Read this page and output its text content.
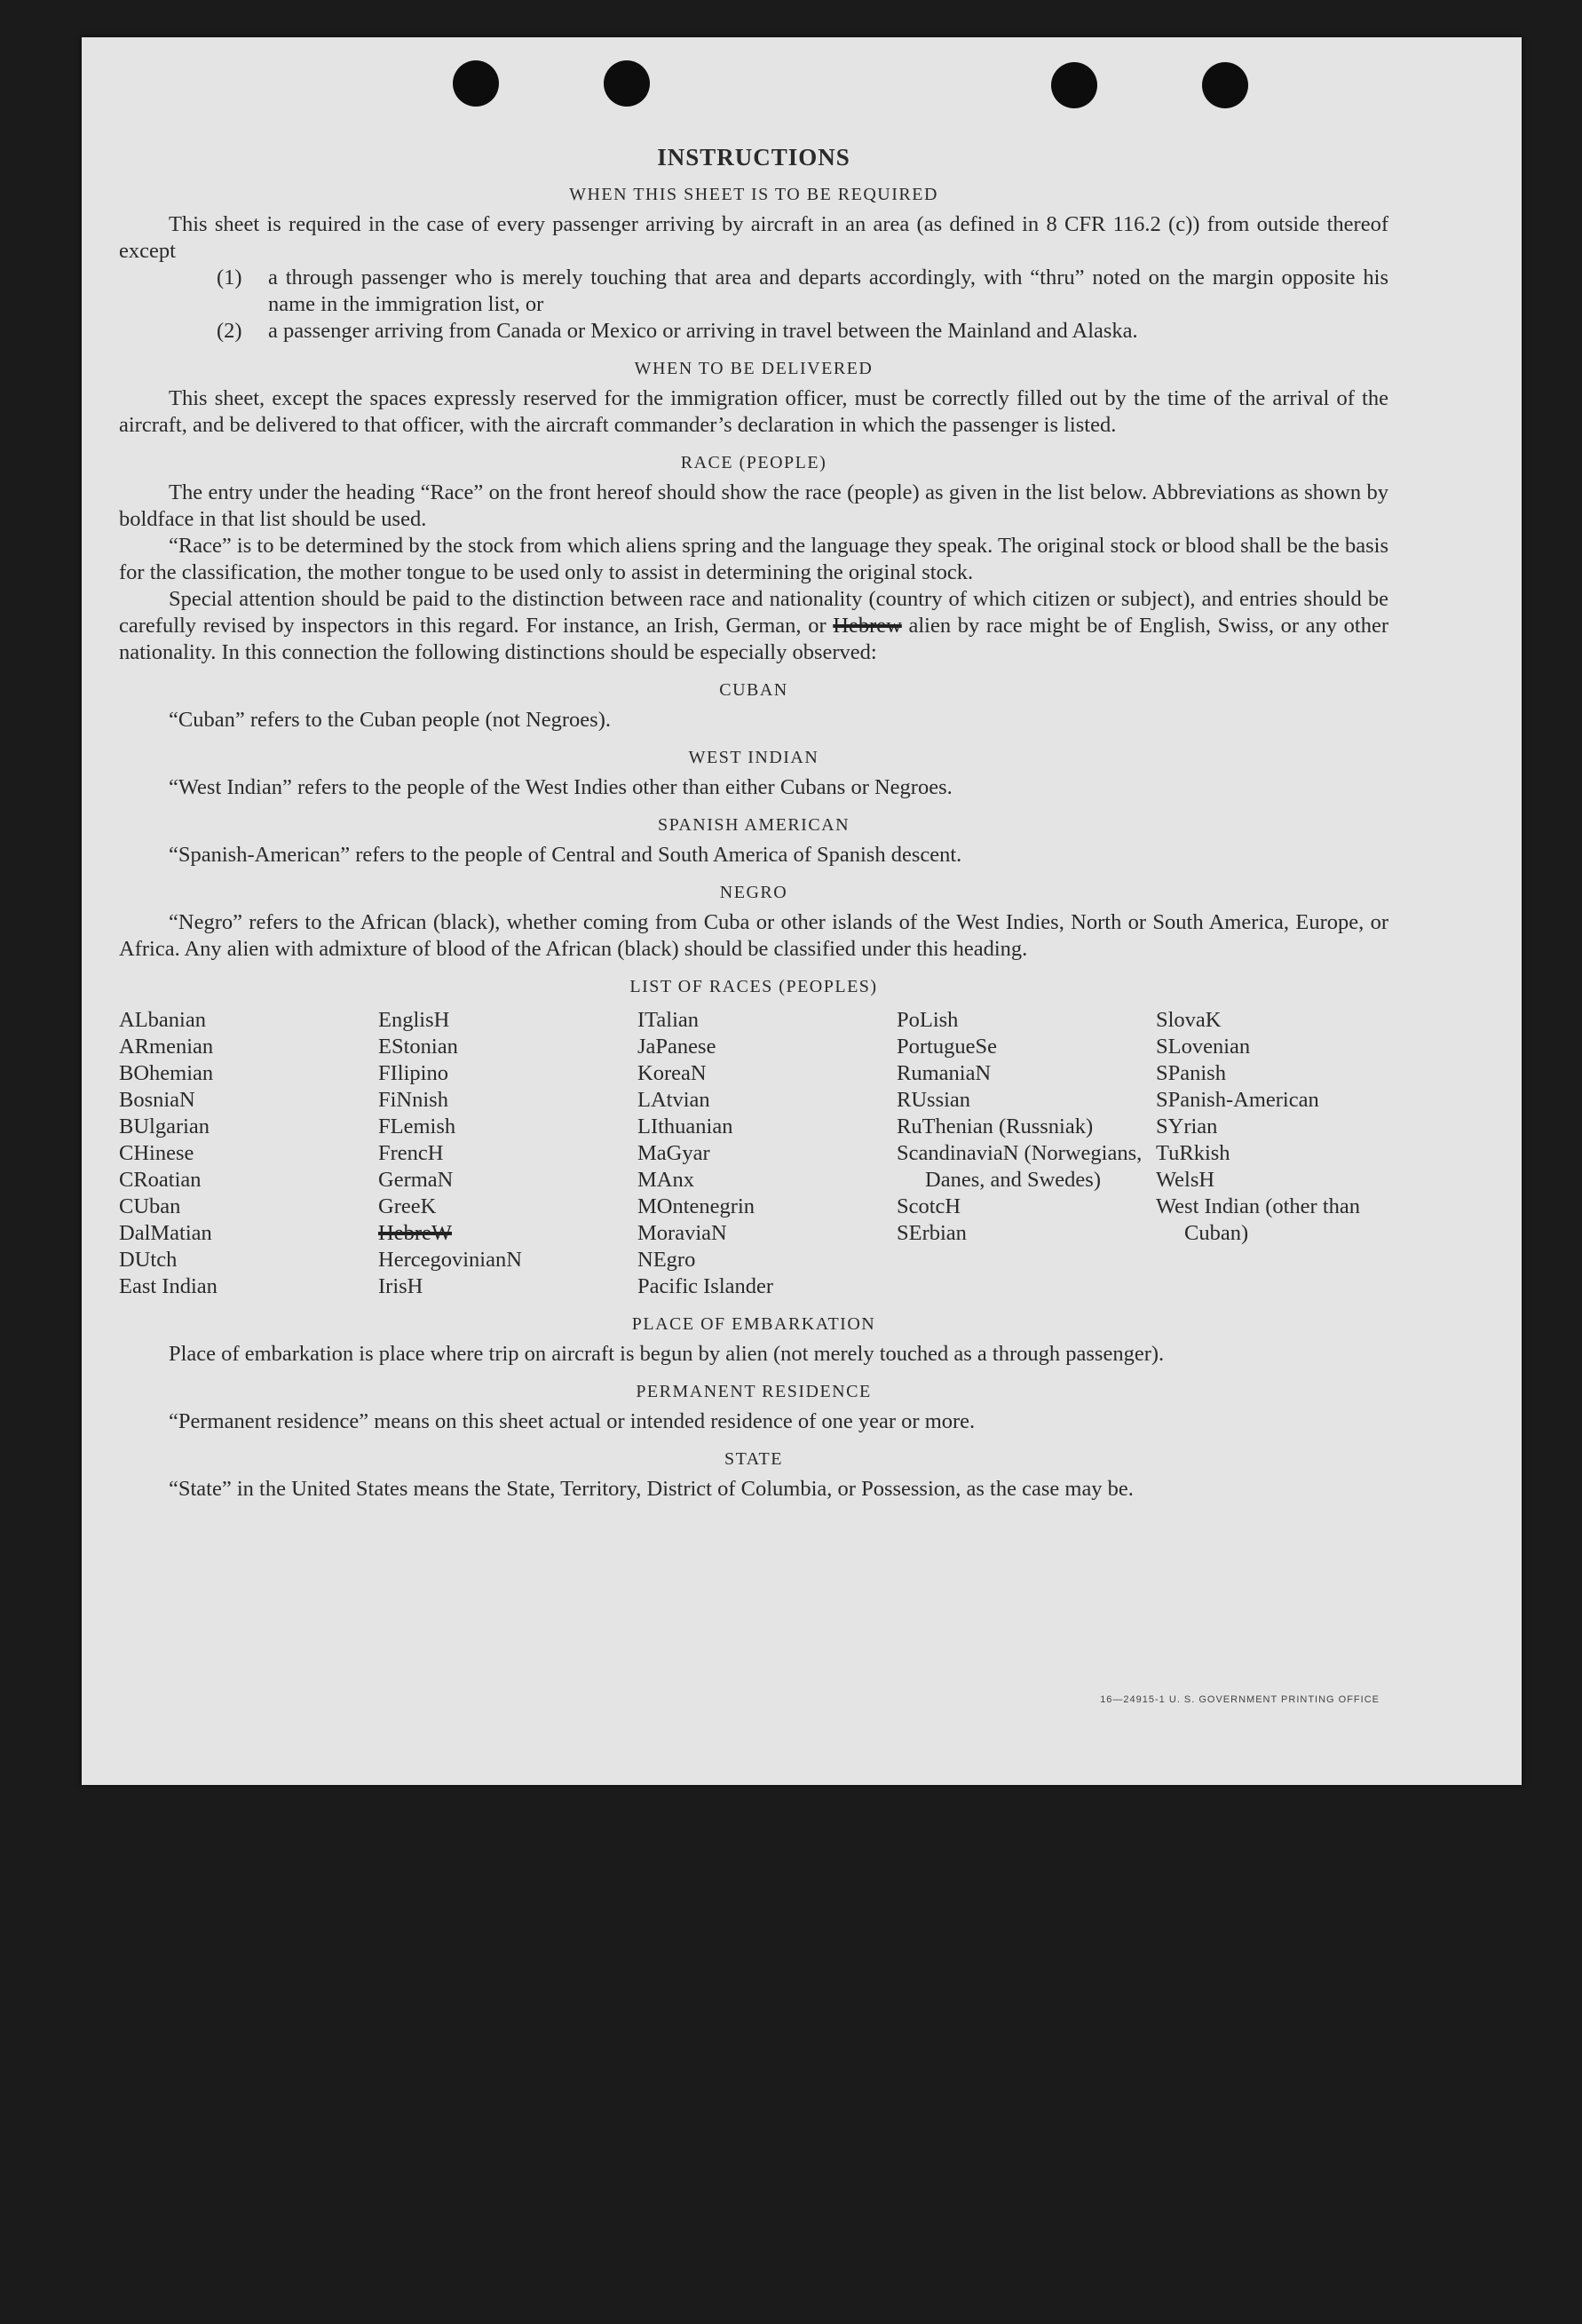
INSTRUCTIONS
WHEN THIS SHEET IS TO BE REQUIRED

This sheet is required in the case of every passenger arriving by aircraft in an area (as defined in 8 CFR 116.2 (c)) from outside thereof except

(1)	a through passenger who is merely touching that area and departs accordingly, with “thru” noted on the margin opposite his name in the immigration list, or
(2)	a passenger arriving from Canada or Mexico or arriving in travel between the Mainland and Alaska.
WHEN TO BE DELIVERED

This sheet, except the spaces expressly reserved for the immigration officer, must be correctly filled out by the time of the arrival of the aircraft, and be delivered to that officer, with the aircraft commander’s declaration in which the passenger is listed.

RACE (PEOPLE)

The entry under the heading “Race” on the front hereof should show the race (people) as given in the list below. Abbreviations as shown by boldface in that list should be used.

“Race” is to be determined by the stock from which aliens spring and the language they speak. The original stock or blood shall be the basis for the classification, the mother tongue to be used only to assist in determining the original stock.

Special attention should be paid to the distinction between race and nationality (country of which citizen or subject), and entries should be carefully revised by inspectors in this regard. For instance, an Irish, German, or Hebrew alien by race might be of English, Swiss, or any other nationality. In this connection the following distinctions should be especially observed:

CUBAN

“Cuban” refers to the Cuban people (not Negroes).

WEST INDIAN

“West Indian” refers to the people of the West Indies other than either Cubans or Negroes.

SPANISH AMERICAN

“Spanish-American” refers to the people of Central and South America of Spanish descent.

NEGRO

“Negro” refers to the African (black), whether coming from Cuba or other islands of the West Indies, North or South America, Europe, or Africa. Any alien with admixture of blood of the African (black) should be classified under this heading.

LIST OF RACES (PEOPLES)
ALbanian
ARmenian
BOhemian
BosniaN
BUlgarian
CHinese
CRoatian
CUban
DalMatian
DUtch
East Indian
EnglisH
EStonian
FIlipino
FiNnish
FLemish
FrencH
GermaN
GreeK
HebreW
HercegovinianN
IrisH
ITalian
JaPanese
KoreaN
LAtvian
LIthuanian
MaGyar
MAnx
MOntenegrin
MoraviaN
NEgro
Pacific Islander
PoLish
PortugueSe
RumaniaN
RUssian
RuThenian (Russniak)
ScandinaviaN (Norwegians, Danes, and Swedes)
ScotcH
SErbian
SlovaK
SLovenian
SPanish
SPanish-American
SYrian
TuRkish
WelsH
West Indian (other than Cuban)
PLACE OF EMBARKATION

Place of embarkation is place where trip on aircraft is begun by alien (not merely touched as a through passenger).

PERMANENT RESIDENCE

“Permanent residence” means on this sheet actual or intended residence of one year or more.

STATE

“State” in the United States means the State, Territory, District of Columbia, or Possession, as the case may be.

16—24915-1 U. S. GOVERNMENT PRINTING OFFICE
